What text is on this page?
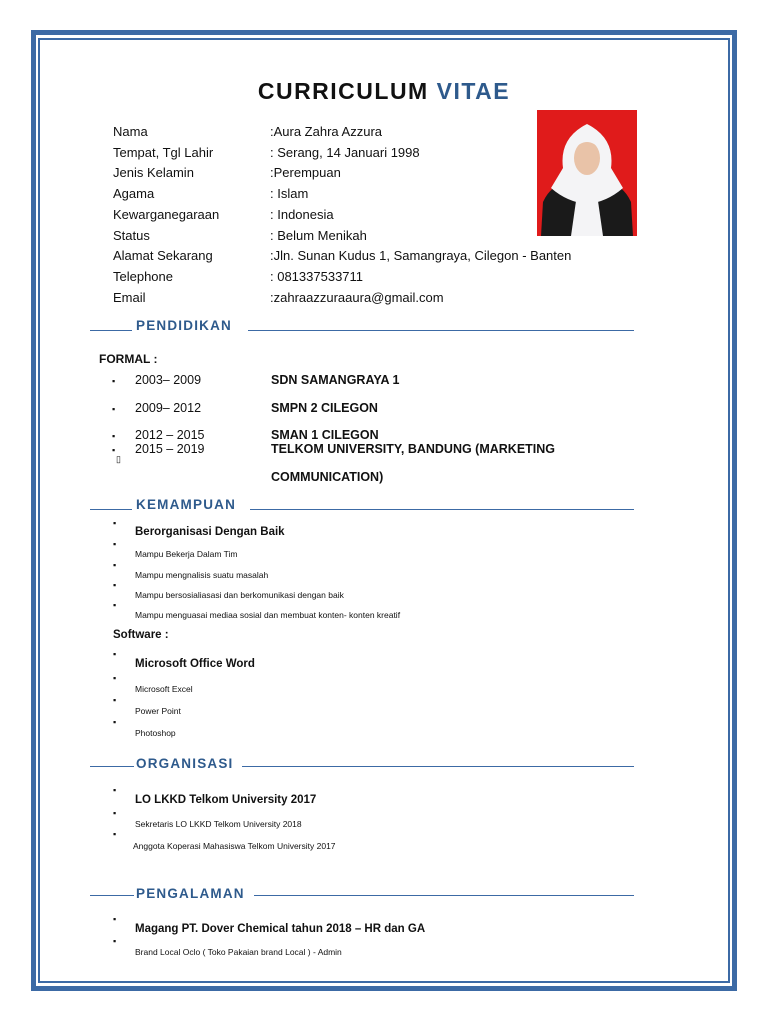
CURRICULUM VITAE
Nama	:Aura Zahra Azzura
Tempat, Tgl Lahir	: Serang, 14 Januari 1998
Jenis Kelamin	:Perempuan
Agama	: Islam
Kewarganegaraan	: Indonesia
Status	: Belum Menikah
Alamat Sekarang	:Jln. Sunan Kudus 1, Samangraya, Cilegon - Banten
Telephone	: 081337533711
Email	:zahraazzuraaura@gmail.com
PENDIDIKAN
FORMAL :
▪ 2003– 2009	SDN SAMANGRAYA 1
▪ 2009– 2012	SMPN 2 CILEGON
▪ 2012 – 2015	SMAN 1 CILEGON
▪ 2015 – 2019	TELKOM UNIVERSITY, BANDUNG (MARKETING
▯
COMMUNICATION)
KEMAMPUAN
▪
Berorganisasi Dengan Baik
▪
Mampu Bekerja Dalam Tim
▪
Mampu mengnalisis suatu masalah
▪
Mampu bersosialiasasi dan berkomunikasi dengan baik
▪
Mampu menguasai mediaa sosial dan membuat konten- konten kreatif
Software :
▪
Microsoft Office Word
▪
Microsoft Excel
▪
Power Point
▪
Photoshop
ORGANISASI
▪
LO LKKD Telkom University 2017
▪
Sekretaris LO LKKD Telkom University 2018
▪
Anggota Koperasi Mahasiswa Telkom University 2017
PENGALAMAN
▪
Magang PT. Dover Chemical tahun 2018 – HR dan GA
▪
Brand Local Oclo ( Toko Pakaian brand Local ) - Admin
